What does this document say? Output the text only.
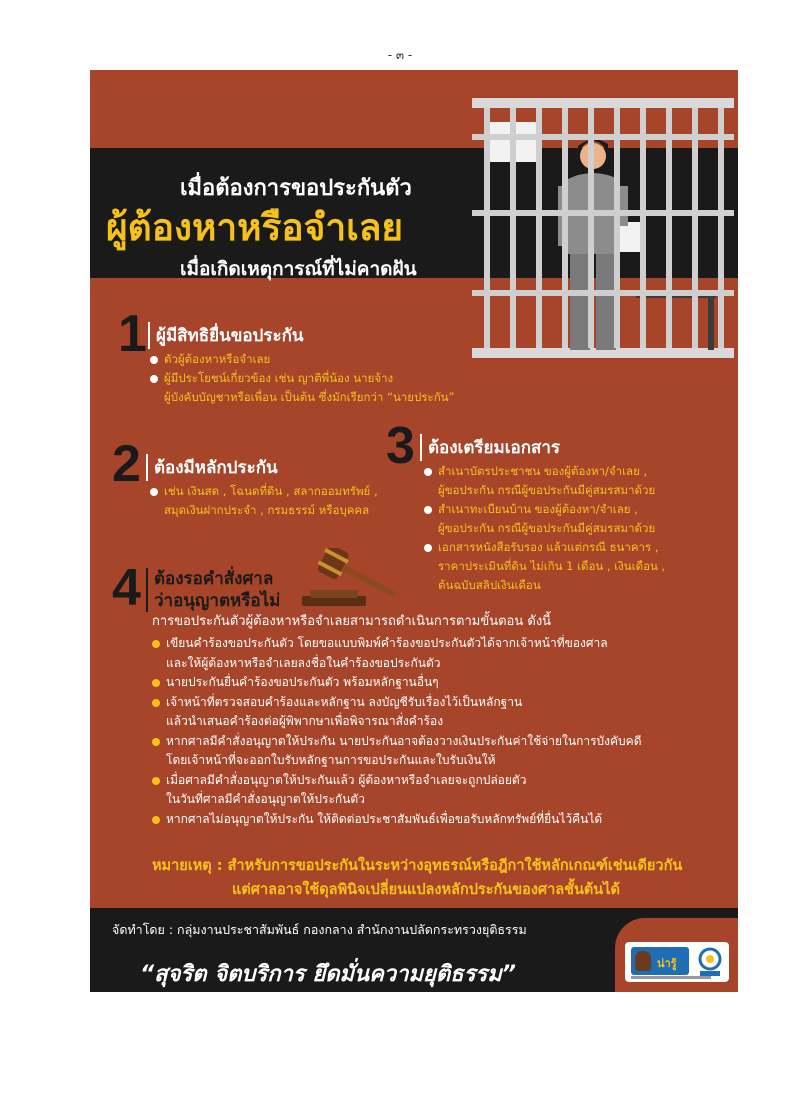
- ๓ -
เมื่อต้องการขอประกันตัว
ผู้ต้องหาหรือจำเลย
เมื่อเกิดเหตุการณ์ที่ไม่คาดฝัน
1 ผู้มีสิทธิยื่นขอประกัน
ตัวผู้ต้องหาหรือจำเลย
ผู้มีประโยชน์เกี่ยวข้อง เช่น ญาติพี่น้อง นายจ้าง
ผู้บังคับบัญชาหรือเพื่อน เป็นต้น ซึ่งมักเรียกว่า “นายประกัน”
2 ต้องมีหลักประกัน
เช่น เงินสด , โฉนดที่ดิน , สลากออมทรัพย์ ,
สมุดเงินฝากประจำ , กรมธรรม์ หรือบุคคล
3 ต้องเตรียมเอกสาร
สำเนาบัตรประชาชน ของผู้ต้องหา/จำเลย ,
ผู้ขอประกัน กรณีผู้ขอประกันมีคู่สมรสมาด้วย
สำเนาทะเบียนบ้าน ของผู้ต้องหา/จำเลย ,
ผู้ขอประกัน กรณีผู้ขอประกันมีคู่สมรสมาด้วย
เอกสารหนังสือรับรอง แล้วแต่กรณี ธนาคาร ,
ราคาประเมินที่ดิน ไม่เกิน 1 เดือน , เงินเดือน ,
ต้นฉบับสลิปเงินเดือน
4 ต้องรอคำสั่งศาล
ว่าอนุญาตหรือไม่
การขอประกันตัวผู้ต้องหาหรือจำเลยสามารถดำเนินการตามขั้นตอน ดังนี้
เขียนคำร้องขอประกันตัว โดยขอแบบพิมพ์คำร้องขอประกันตัวได้จากเจ้าหน้าที่ของศาล
และให้ผู้ต้องหาหรือจำเลยลงชื่อในคำร้องขอประกันตัว
นายประกันยื่นคำร้องขอประกันตัว พร้อมหลักฐานอื่นๆ
เจ้าหน้าที่ตรวจสอบคำร้องและหลักฐาน ลงบัญชีรับเรื่องไว้เป็นหลักฐาน
แล้วนำเสนอคำร้องต่อผู้พิพากษาเพื่อพิจารณาสั่งคำร้อง
หากศาลมีคำสั่งอนุญาตให้ประกัน นายประกันอาจต้องวางเงินประกันค่าใช้จ่ายในการบังคับคดี
โดยเจ้าหน้าที่จะออกใบรับหลักฐานการขอประกันและใบรับเงินให้
เมื่อศาลมีคำสั่งอนุญาตให้ประกันแล้ว ผู้ต้องหาหรือจำเลยจะถูกปล่อยตัว
ในวันที่ศาลมีคำสั่งอนุญาตให้ประกันตัว
หากศาลไม่อนุญาตให้ประกัน ให้ติดต่อประชาสัมพันธ์เพื่อขอรับหลักทรัพย์ที่ยื่นไว้คืนได้
หมายเหตุ : สำหรับการขอประกันในระหว่างอุทธรณ์หรือฎีกาใช้หลักเกณฑ์เช่นเดียวกัน
แต่ศาลอาจใช้ดุลพินิจเปลี่ยนแปลงหลักประกันของศาลชั้นต้นได้
จัดทำโดย : กลุ่มงานประชาสัมพันธ์ กองกลาง สำนักงานปลัดกระทรวงยุติธรรม
“สุจริต จิตบริการ ยึดมั่นความยุติธรรม”	น่ารู้
